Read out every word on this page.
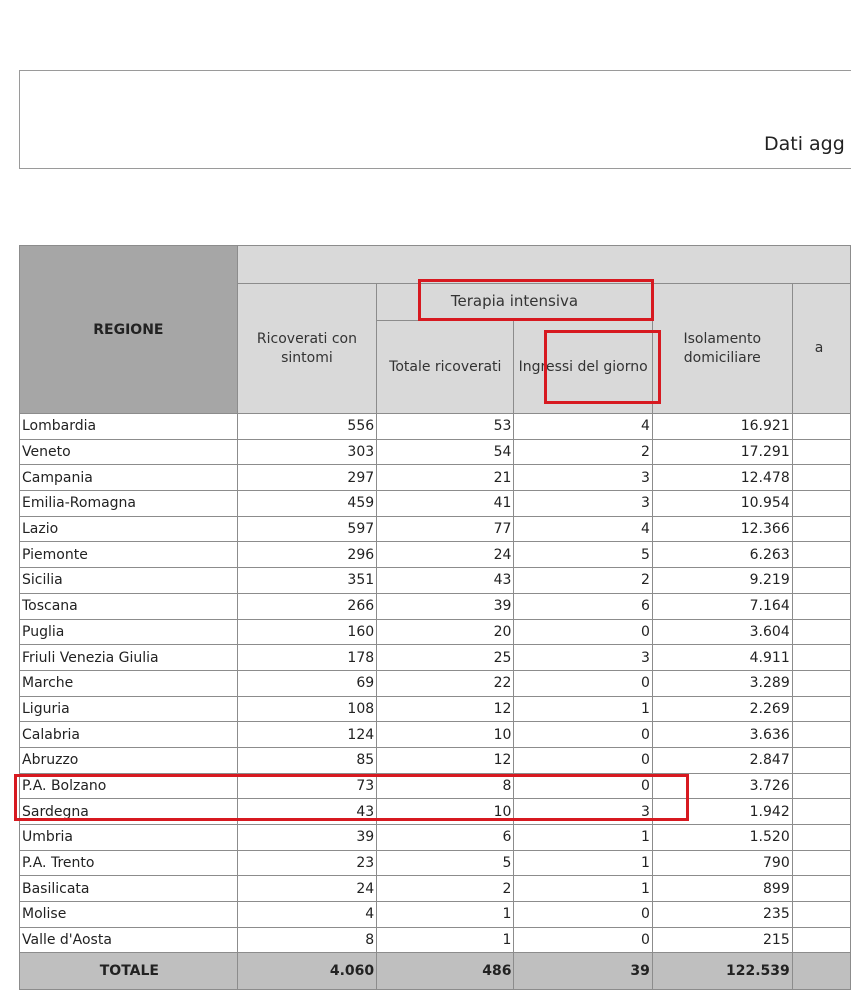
Dati agg
REGIONE					
	Ricoverati con sintomi	Terapia intensiva		Isolamento domiciliare	a
		Totale ricoverati	Ingressi del giorno		
Lombardia	556	53	4	16.921	
Veneto	303	54	2	17.291	
Campania	297	21	3	12.478	
Emilia-Romagna	459	41	3	10.954	
Lazio	597	77	4	12.366	
Piemonte	296	24	5	6.263	
Sicilia	351	43	2	9.219	
Toscana	266	39	6	7.164	
Puglia	160	20	0	3.604	
Friuli Venezia Giulia	178	25	3	4.911	
Marche	69	22	0	3.289	
Liguria	108	12	1	2.269	
Calabria	124	10	0	3.636	
Abruzzo	85	12	0	2.847	
P.A. Bolzano	73	8	0	3.726	
Sardegna	43	10	3	1.942	
Umbria	39	6	1	1.520	
P.A. Trento	23	5	1	790	
Basilicata	24	2	1	899	
Molise	4	1	0	235	
Valle d'Aosta	8	1	0	215	
TOTALE	4.060	486	39	122.539	
